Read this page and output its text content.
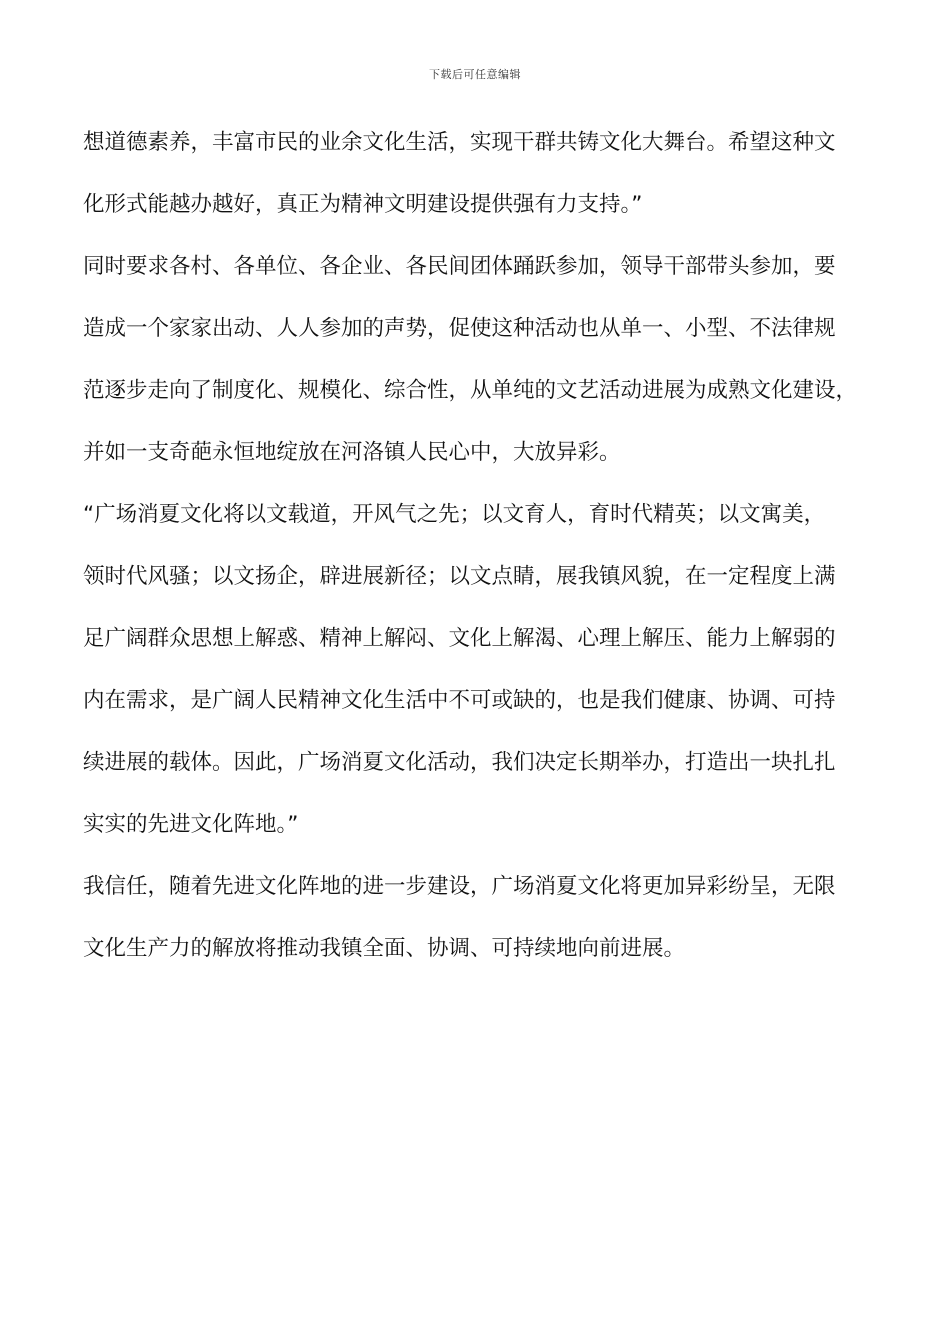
下载后可任意编辑
想道德素养，丰富市民的业余文化生活，实现干群共铸文化大舞台。希望这种文
化形式能越办越好，真正为精神文明建设提供强有力支持。”
同时要求各村、各单位、各企业、各民间团体踊跃参加，领导干部带头参加，要
造成一个家家出动、人人参加的声势，促使这种活动也从单一、小型、不法律规
范逐步走向了制度化、规模化、综合性，从单纯的文艺活动进展为成熟文化建设，
并如一支奇葩永恒地绽放在河洛镇人民心中，大放异彩。
“广场消夏文化将以文载道，开风气之先；以文育人，育时代精英；以文寓美，
领时代风骚；以文扬企，辟进展新径；以文点睛，展我镇风貌，在一定程度上满
足广阔群众思想上解惑、精神上解闷、文化上解渴、心理上解压、能力上解弱的
内在需求，是广阔人民精神文化生活中不可或缺的，也是我们健康、协调、可持
续进展的载体。因此，广场消夏文化活动，我们决定长期举办，打造出一块扎扎
实实的先进文化阵地。”
我信任，随着先进文化阵地的进一步建设，广场消夏文化将更加异彩纷呈，无限
文化生产力的解放将推动我镇全面、协调、可持续地向前进展。
